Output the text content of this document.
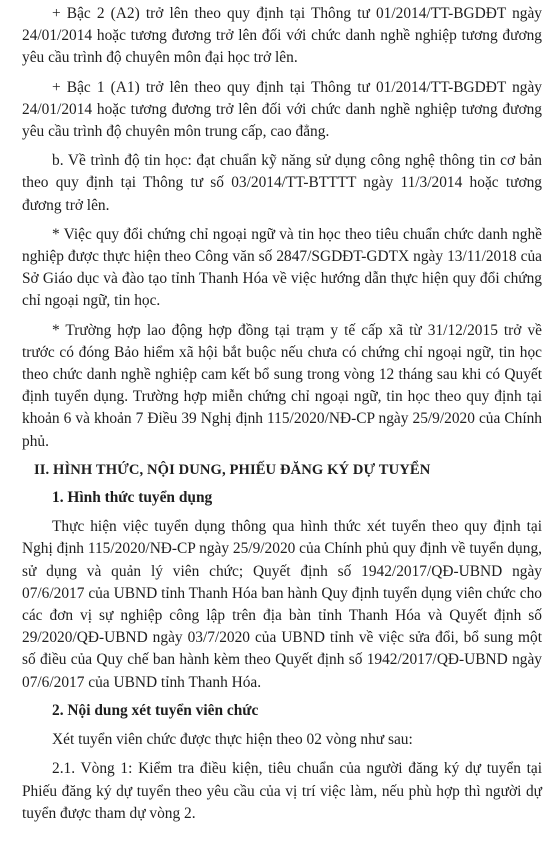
+ Bậc 2 (A2) trở lên theo quy định tại Thông tư 01/2014/TT-BGDĐT ngày 24/01/2014 hoặc tương đương trở lên đối với chức danh nghề nghiệp tương đương yêu cầu trình độ chuyên môn đại học trở lên.

+ Bậc 1 (A1) trở lên theo quy định tại Thông tư 01/2014/TT-BGDĐT ngày 24/01/2014 hoặc tương đương trở lên đối với chức danh nghề nghiệp tương đương yêu cầu trình độ chuyên môn trung cấp, cao đẳng.

b. Về trình độ tin học: đạt chuẩn kỹ năng sử dụng công nghệ thông tin cơ bản theo quy định tại Thông tư số 03/2014/TT-BTTTT ngày 11/3/2014 hoặc tương đương trở lên.

* Việc quy đổi chứng chỉ ngoại ngữ và tin học theo tiêu chuẩn chức danh nghề nghiệp được thực hiện theo Công văn số 2847/SGDĐT-GDTX ngày 13/11/2018 của Sở Giáo dục và đào tạo tỉnh Thanh Hóa về việc hướng dẫn thực hiện quy đổi chứng chỉ ngoại ngữ, tin học.

* Trường hợp lao động hợp đồng tại trạm y tế cấp xã từ 31/12/2015 trở về trước có đóng Bảo hiểm xã hội bắt buộc nếu chưa có chứng chỉ ngoại ngữ, tin học theo chức danh nghề nghiệp cam kết bổ sung trong vòng 12 tháng sau khi có Quyết định tuyển dụng. Trường hợp miễn chứng chỉ ngoại ngữ, tin học theo quy định tại khoản 6 và khoản 7 Điều 39 Nghị định 115/2020/NĐ-CP ngày 25/9/2020 của Chính phủ.

II. HÌNH THỨC, NỘI DUNG, PHIẾU ĐĂNG KÝ DỰ TUYỂN
1. Hình thức tuyển dụng

Thực hiện việc tuyển dụng thông qua hình thức xét tuyển theo quy định tại Nghị định 115/2020/NĐ-CP ngày 25/9/2020 của Chính phủ quy định về tuyển dụng, sử dụng và quản lý viên chức; Quyết định số 1942/2017/QĐ-UBND ngày 07/6/2017 của UBND tỉnh Thanh Hóa ban hành Quy định tuyển dụng viên chức cho các đơn vị sự nghiệp công lập trên địa bàn tỉnh Thanh Hóa và Quyết định số 29/2020/QĐ-UBND ngày 03/7/2020 của UBND tỉnh về việc sửa đổi, bổ sung một số điều của Quy chế ban hành kèm theo Quyết định số 1942/2017/QĐ-UBND ngày 07/6/2017 của UBND tỉnh Thanh Hóa.

2. Nội dung xét tuyển viên chức

Xét tuyển viên chức được thực hiện theo 02 vòng như sau:

2.1. Vòng 1: Kiểm tra điều kiện, tiêu chuẩn của người đăng ký dự tuyển tại Phiếu đăng ký dự tuyển theo yêu cầu của vị trí việc làm, nếu phù hợp thì người dự tuyển được tham dự vòng 2.
